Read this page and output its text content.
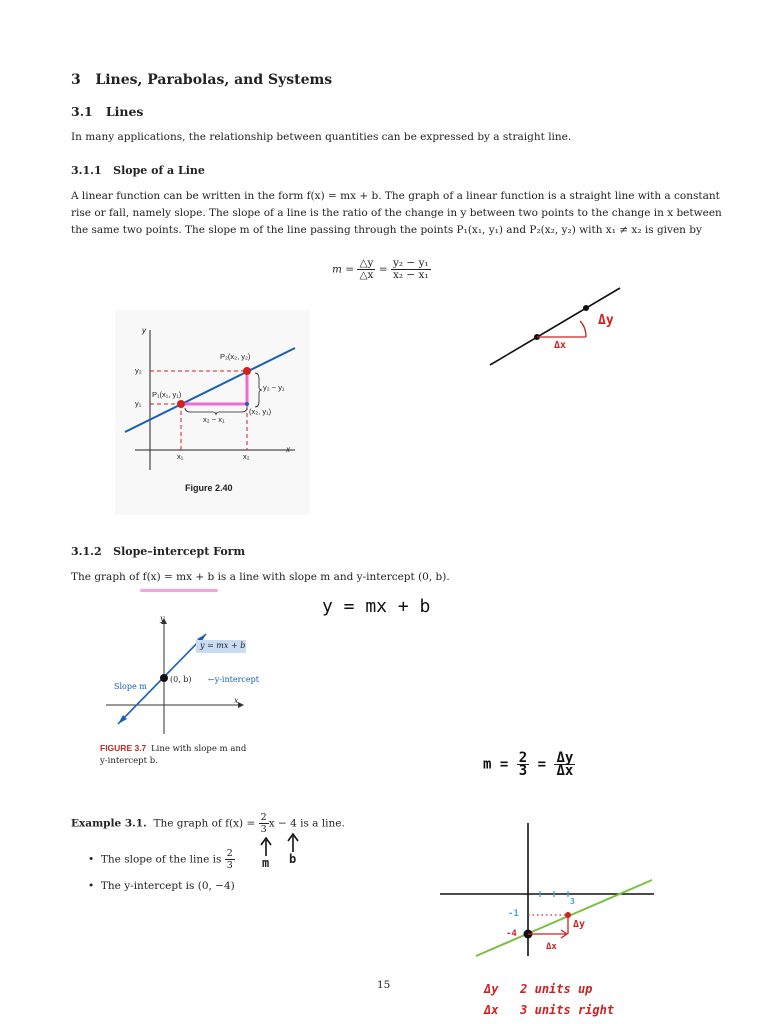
3 Lines, Parabolas, and Systems
3.1 Lines
In many applications, the relationship between quantities can be expressed by a straight line.
3.1.1 Slope of a Line
A linear function can be written in the form f(x) = mx + b. The graph of a linear function is a straight line with a constant
rise or fall, namely slope. The slope of a line is the ratio of the change in y between two points to the change in x between
the same two points. The slope m of the line passing through the points P₁(x₁, y₁) and P₂(x₂, y₂) with x₁ ≠ x₂ is given by
$m = \frac{\triangle y}{\triangle x} = \frac{\text{y₂ − y₁}}{\text{x₂ − x₁}}$
y
x
P₂(x₂, y₂)
P₁(x₁, y₁)
y₂
y₁
x₁	x₂
y₂ − y₁
x₂ − x₁
(x₂, y₁)
Figure 2.40
Δy
Δx
3.1.2 Slope–intercept Form
The graph of f(x) = mx + b is a line with slope m and y-intercept (0, b).
y = mx + b
y
x
y = mx + b
(0, b) ←y-intercept
Slope m
FIGURE 3.7 Line with slope m and
y-intercept b.	$m = \frac{2}{3} = \frac{\Delta y}{\Delta x}$
Example 3.1. The graph of $f(x) = \frac{2}{3}$ x − 4 is a line.
• The slope of the line is $\frac{2}{3}$
• The y-intercept is (0, −4)
m b
-1
-4
3
Δy
Δx
15	Δy 2 units up
Δx 3 units right
